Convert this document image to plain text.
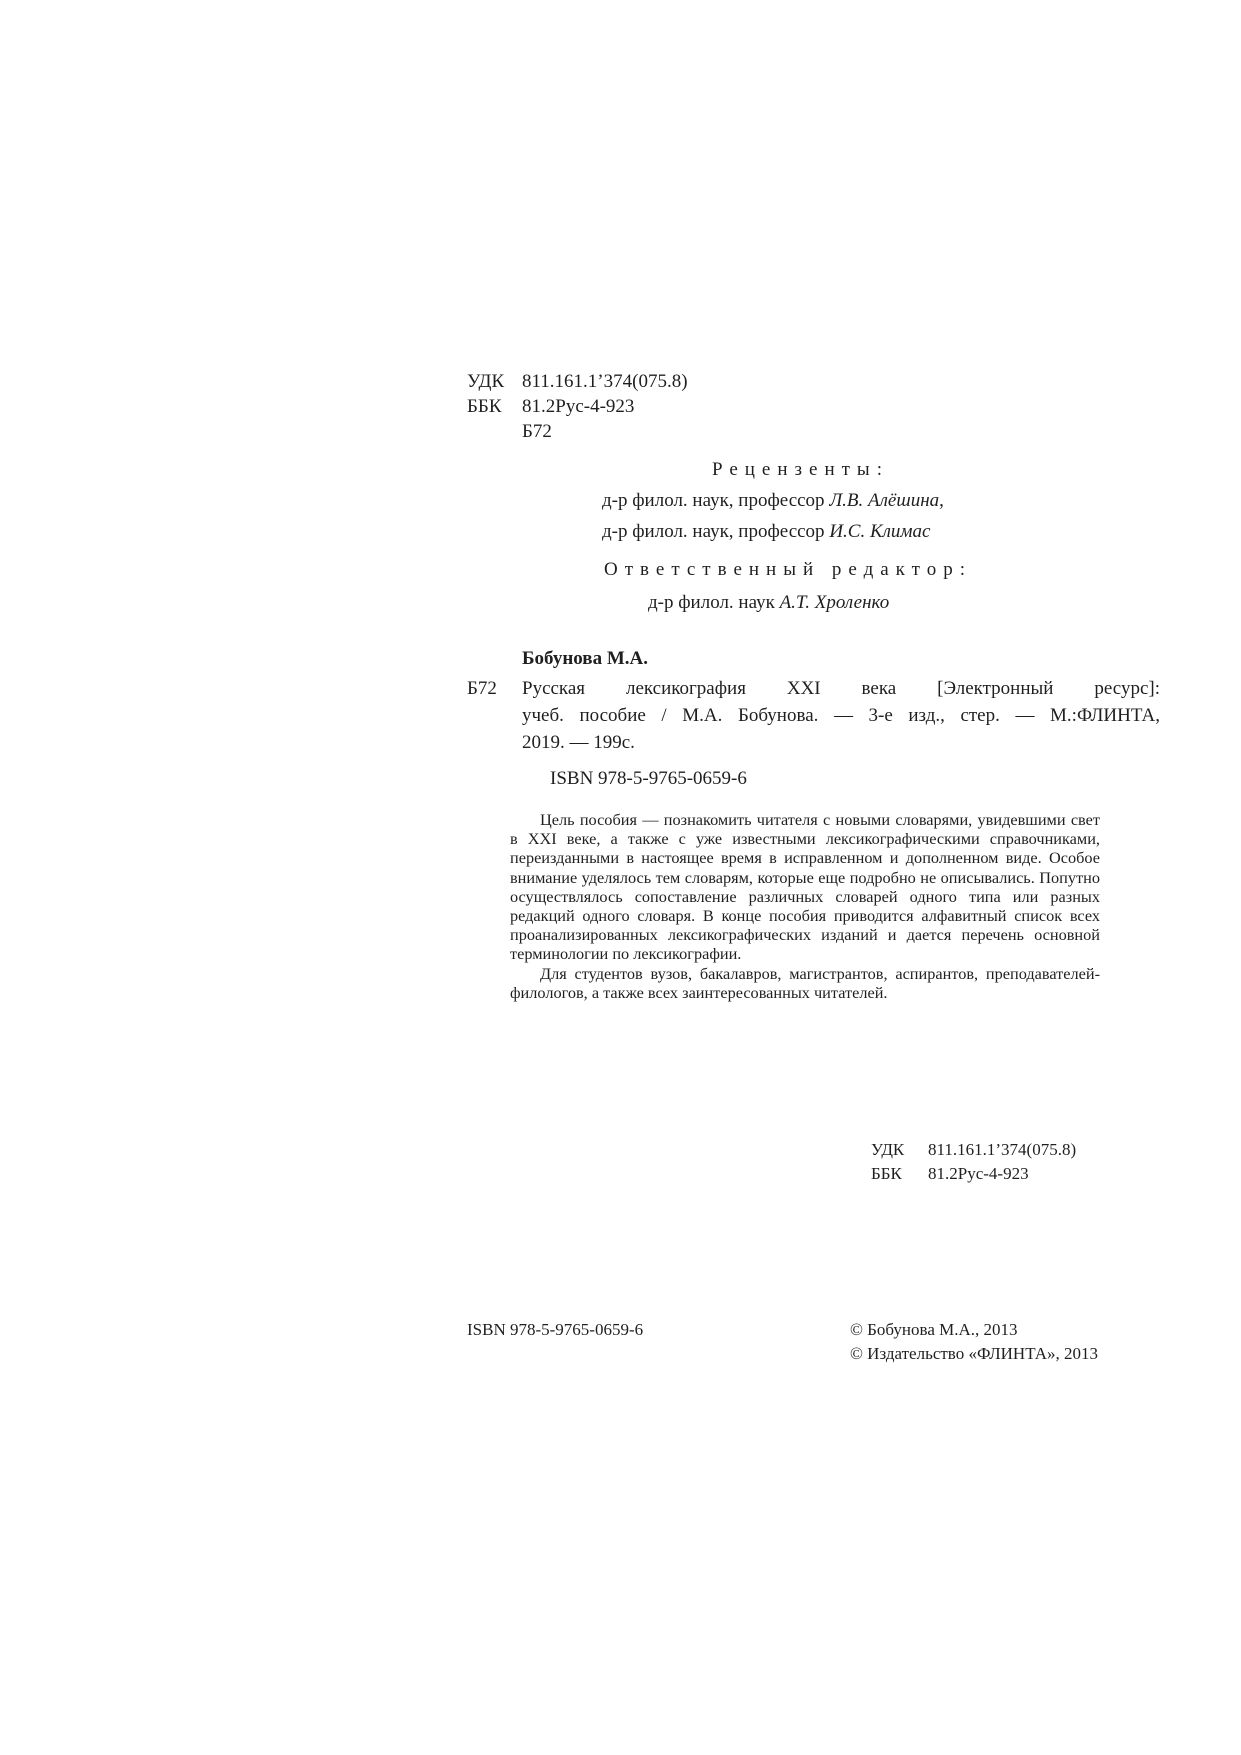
УДК 811.161.1’374(075.8)
ББК 81.2Рус-4-923
Б72
Рецензенты:
д-р филол. наук, профессор Л.В. Алёшина,
д-р филол. наук, профессор И.С. Климас
Ответственный редактор:
д-р филол. наук А.Т. Хроленко
Бобунова М.А.
Б72 Русская лексикография XXI века [Электронный ресурс]:
учеб. пособие / М.А. Бобунова. — 3-е изд., стер. — М.:ФЛИНТА,
2019. — 199с.
ISBN 978-5-9765-0659-6

Цель пособия — познакомить читателя с новыми словарями, увидевшими свет в XXI веке, а также с уже известными лексикографическими справочниками, переизданными в настоящее время в исправленном и дополненном виде. Особое внимание уделялось тем словарям, которые еще подробно не описывались. Попутно осуществлялось сопоставление различных словарей одного типа или разных редакций одного словаря. В конце пособия приводится алфавитный список всех проанализированных лексикографических изданий и дается перечень основной терминологии по лексикографии.

Для студентов вузов, бакалавров, магистрантов, аспирантов, преподавателей-филологов, а также всех заинтересованных читателей.

УДК 811.161.1’374(075.8)
ББК 81.2Рус-4-923
ISBN 978-5-9765-0659-6	© Бобунова М.А., 2013
© Издательство «ФЛИНТА», 2013
